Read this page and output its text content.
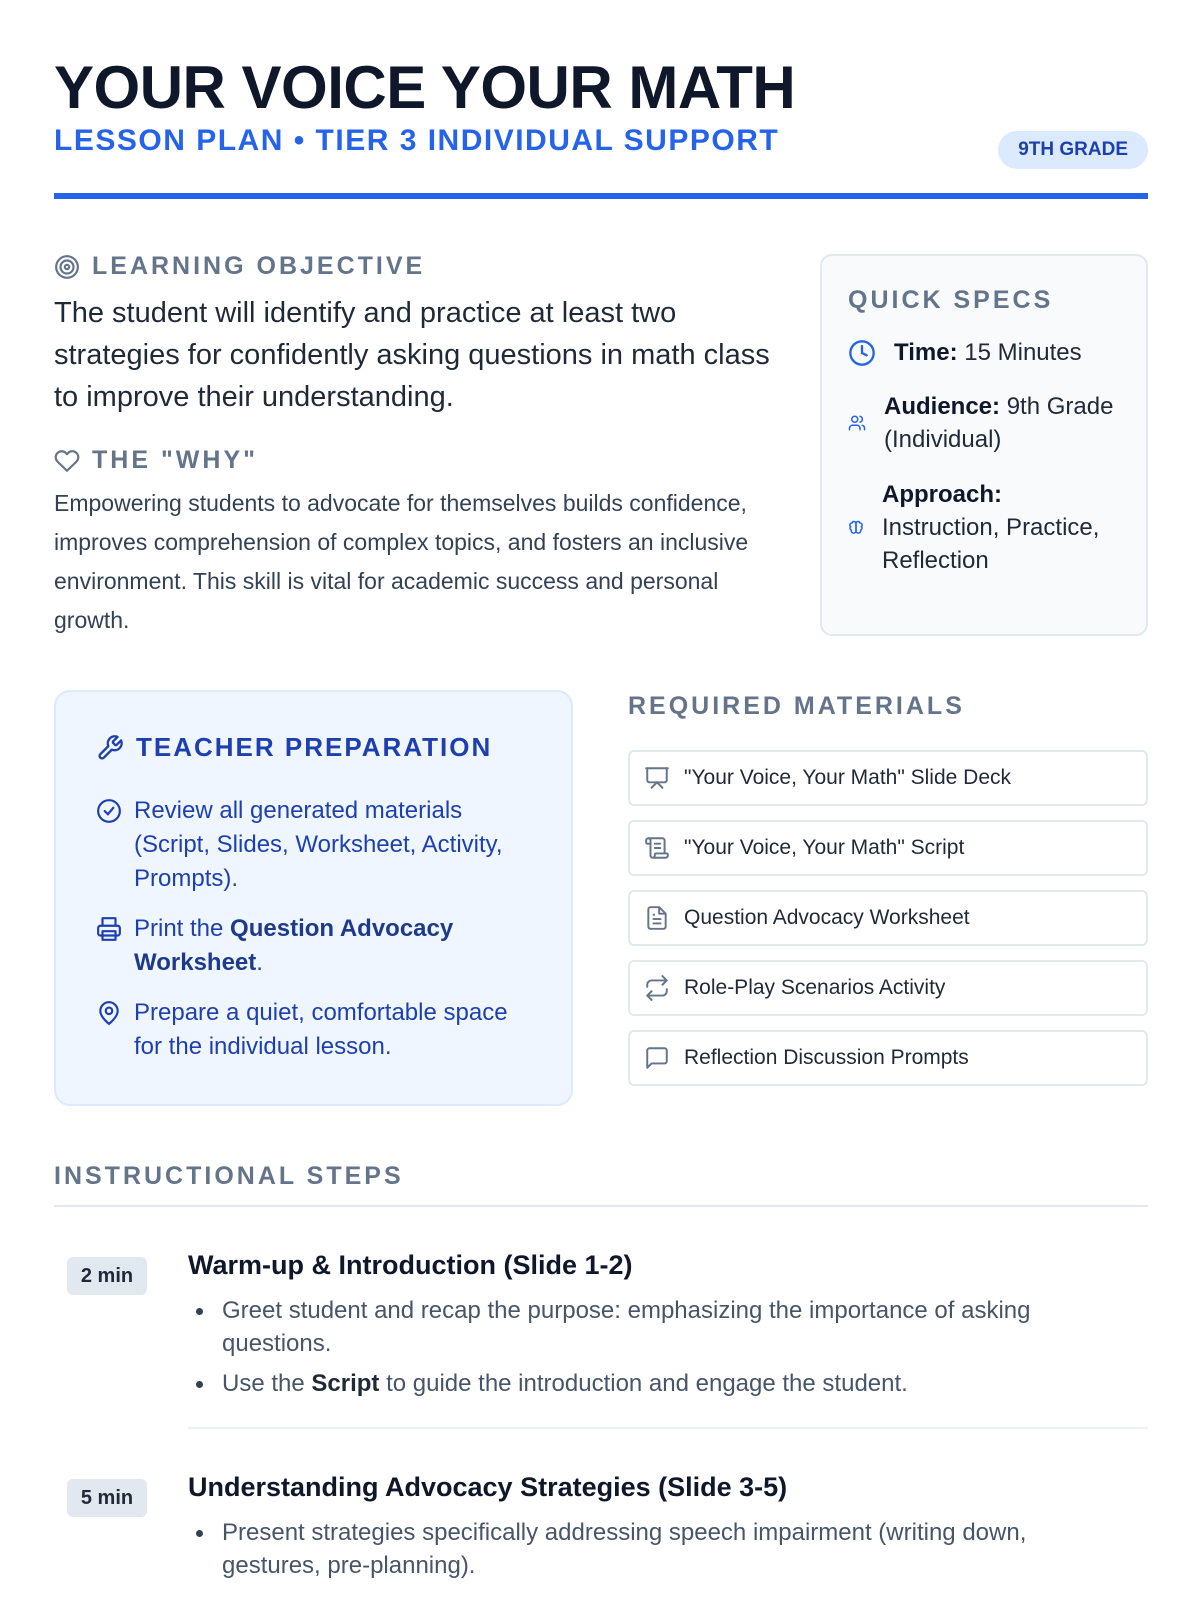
YOUR VOICE YOUR MATH
LESSON PLAN • TIER 3 INDIVIDUAL SUPPORT	9TH GRADE
LEARNING OBJECTIVE

The student will identify and practice at least two strategies for confidently asking questions in math class to improve their understanding.

THE "WHY"

Empowering students to advocate for themselves builds confidence, improves comprehension of complex topics, and fosters an inclusive environment. This skill is vital for academic success and personal growth.

QUICK SPECS
Time: 15 Minutes
Audience: 9th Grade (Individual)
Approach:
Instruction, Practice, Reflection
TEACHER PREPARATION
Review all generated materials (Script, Slides, Worksheet, Activity, Prompts).
Print the Question Advocacy Worksheet.
Prepare a quiet, comfortable space for the individual lesson.
REQUIRED MATERIALS
"Your Voice, Your Math" Slide Deck
"Your Voice, Your Math" Script
Question Advocacy Worksheet
Role-Play Scenarios Activity
Reflection Discussion Prompts
INSTRUCTIONAL STEPS
2 min	Warm-up & Introduction (Slide 1-2)
Greet student and recap the purpose: emphasizing the importance of asking questions.
Use the Script to guide the introduction and engage the student.
5 min	Understanding Advocacy Strategies (Slide 3-5)
Present strategies specifically addressing speech impairment (writing down, gestures, pre-planning).
